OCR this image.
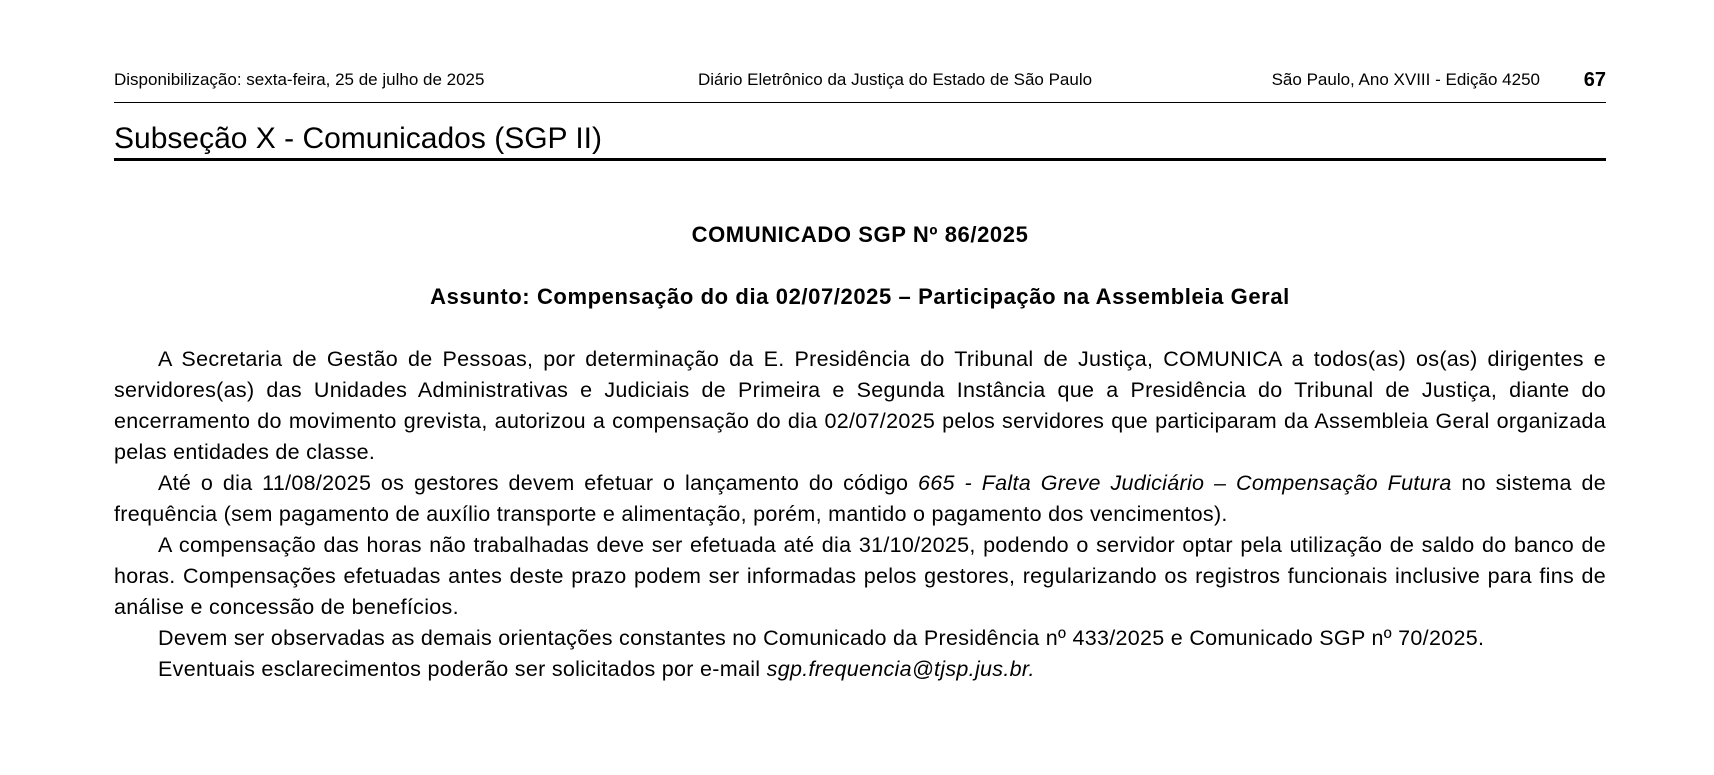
Disponibilização: sexta-feira, 25 de julho de 2025	Diário Eletrônico da Justiça do Estado de São Paulo	São Paulo, Ano XVIII - Edição 4250 67
Subseção X - Comunicados (SGP II)
COMUNICADO SGP Nº 86/2025
Assunto: Compensação do dia 02/07/2025 – Participação na Assembleia Geral

A Secretaria de Gestão de Pessoas, por determinação da E. Presidência do Tribunal de Justiça, COMUNICA a todos(as) os(as) dirigentes e servidores(as) das Unidades Administrativas e Judiciais de Primeira e Segunda Instância que a Presidência do Tribunal de Justiça, diante do encerramento do movimento grevista, autorizou a compensação do dia 02/07/2025 pelos servidores que participaram da Assembleia Geral organizada pelas entidades de classe.

Até o dia 11/08/2025 os gestores devem efetuar o lançamento do código 665 - Falta Greve Judiciário – Compensação Futura no sistema de frequência (sem pagamento de auxílio transporte e alimentação, porém, mantido o pagamento dos vencimentos).

A compensação das horas não trabalhadas deve ser efetuada até dia 31/10/2025, podendo o servidor optar pela utilização de saldo do banco de horas. Compensações efetuadas antes deste prazo podem ser informadas pelos gestores, regularizando os registros funcionais inclusive para fins de análise e concessão de benefícios.

Devem ser observadas as demais orientações constantes no Comunicado da Presidência nº 433/2025 e Comunicado SGP nº 70/2025.

Eventuais esclarecimentos poderão ser solicitados por e-mail sgp.frequencia@tjsp.jus.br.
